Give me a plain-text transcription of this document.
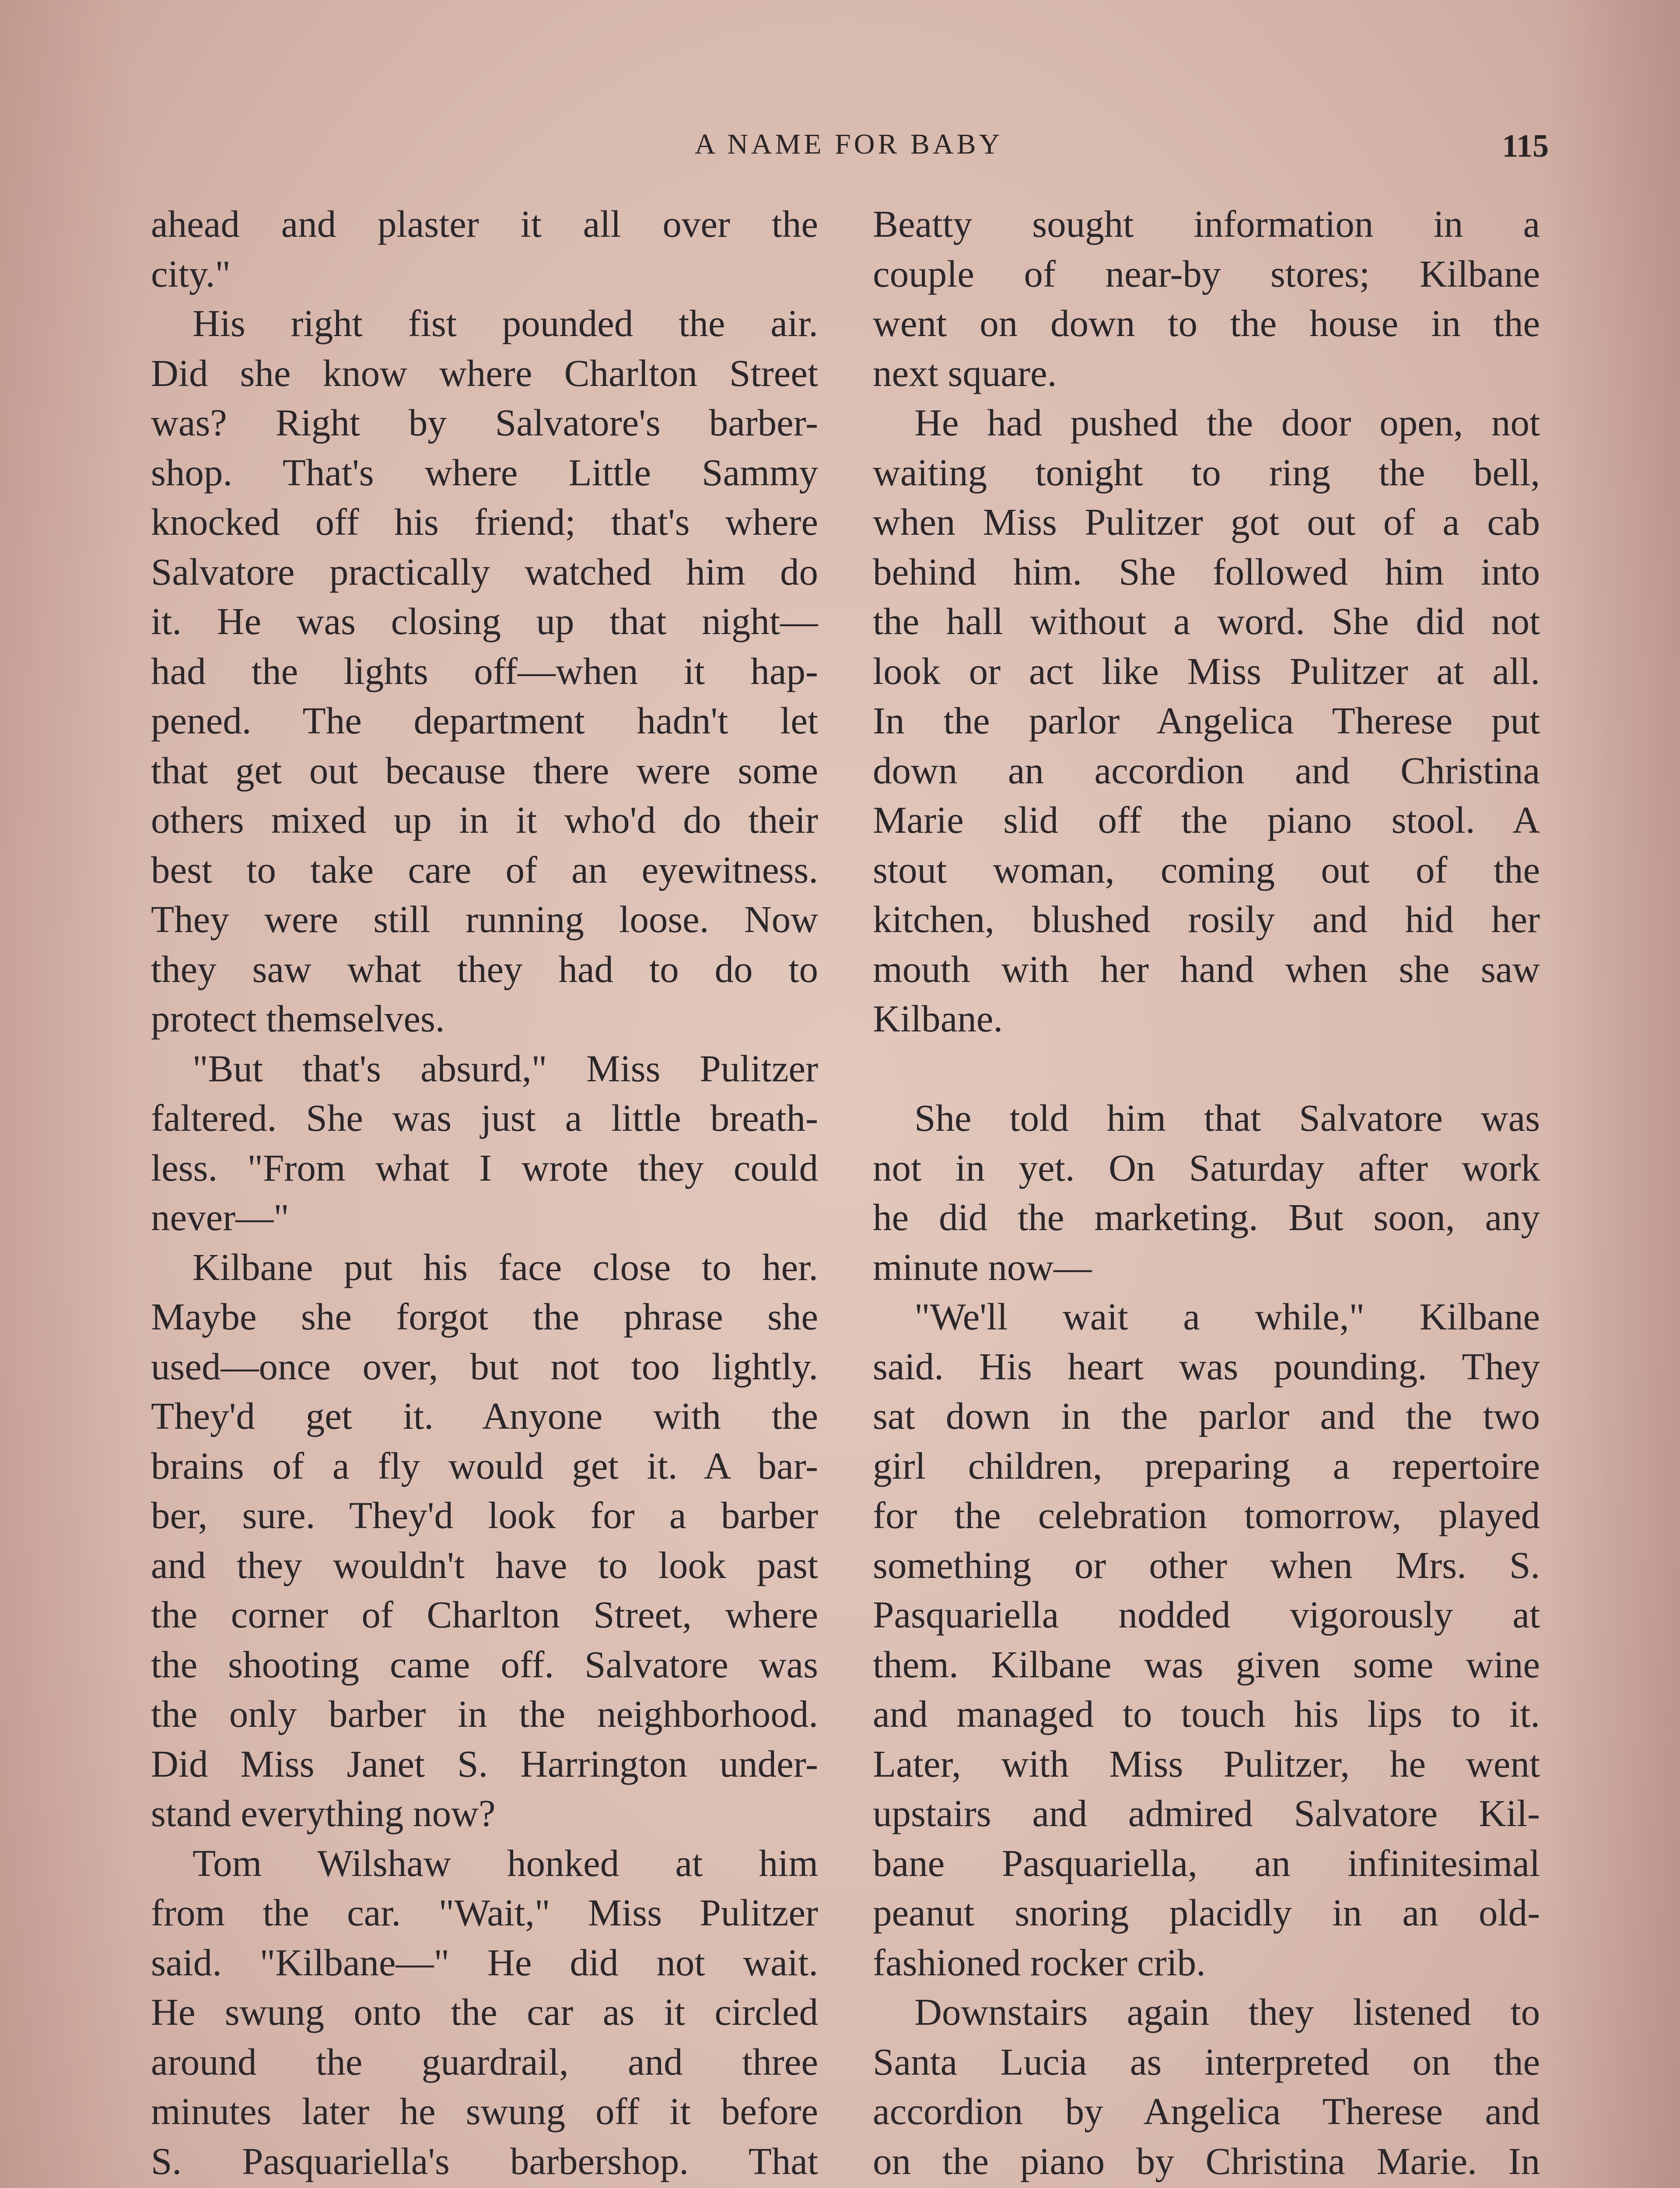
A NAME FOR BABY	115
ahead and plaster it all over the
city."
His right fist pounded the air.
Did she know where Charlton Street
was? Right by Salvatore's barber-
shop. That's where Little Sammy
knocked off his friend; that's where
Salvatore practically watched him do
it. He was closing up that night—
had the lights off—when it hap-
pened. The department hadn't let
that get out because there were some
others mixed up in it who'd do their
best to take care of an eyewitness.
They were still running loose. Now
they saw what they had to do to
protect themselves.
"But that's absurd," Miss Pulitzer
faltered. She was just a little breath-
less. "From what I wrote they could
never—"
Kilbane put his face close to her.
Maybe she forgot the phrase she
used—once over, but not too lightly.
They'd get it. Anyone with the
brains of a fly would get it. A bar-
ber, sure. They'd look for a barber
and they wouldn't have to look past
the corner of Charlton Street, where
the shooting came off. Salvatore was
the only barber in the neighborhood.
Did Miss Janet S. Harrington under-
stand everything now?
Tom Wilshaw honked at him
from the car. "Wait," Miss Pulitzer
said. "Kilbane—" He did not wait.
He swung onto the car as it circled
around the guardrail, and three
minutes later he swung off it before
S. Pasquariella's barbershop. That
Beatty sought information in a
couple of near-by stores; Kilbane
went on down to the house in the
next square.
He had pushed the door open, not
waiting tonight to ring the bell,
when Miss Pulitzer got out of a cab
behind him. She followed him into
the hall without a word. She did not
look or act like Miss Pulitzer at all.
In the parlor Angelica Therese put
down an accordion and Christina
Marie slid off the piano stool. A
stout woman, coming out of the
kitchen, blushed rosily and hid her
mouth with her hand when she saw
Kilbane.
She told him that Salvatore was
not in yet. On Saturday after work
he did the marketing. But soon, any
minute now—
"We'll wait a while," Kilbane
said. His heart was pounding. They
sat down in the parlor and the two
girl children, preparing a repertoire
for the celebration tomorrow, played
something or other when Mrs. S.
Pasquariella nodded vigorously at
them. Kilbane was given some wine
and managed to touch his lips to it.
Later, with Miss Pulitzer, he went
upstairs and admired Salvatore Kil-
bane Pasquariella, an infinitesimal
peanut snoring placidly in an old-
fashioned rocker crib.
Downstairs again they listened to
Santa Lucia as interpreted on the
accordion by Angelica Therese and
on the piano by Christina Marie. In
